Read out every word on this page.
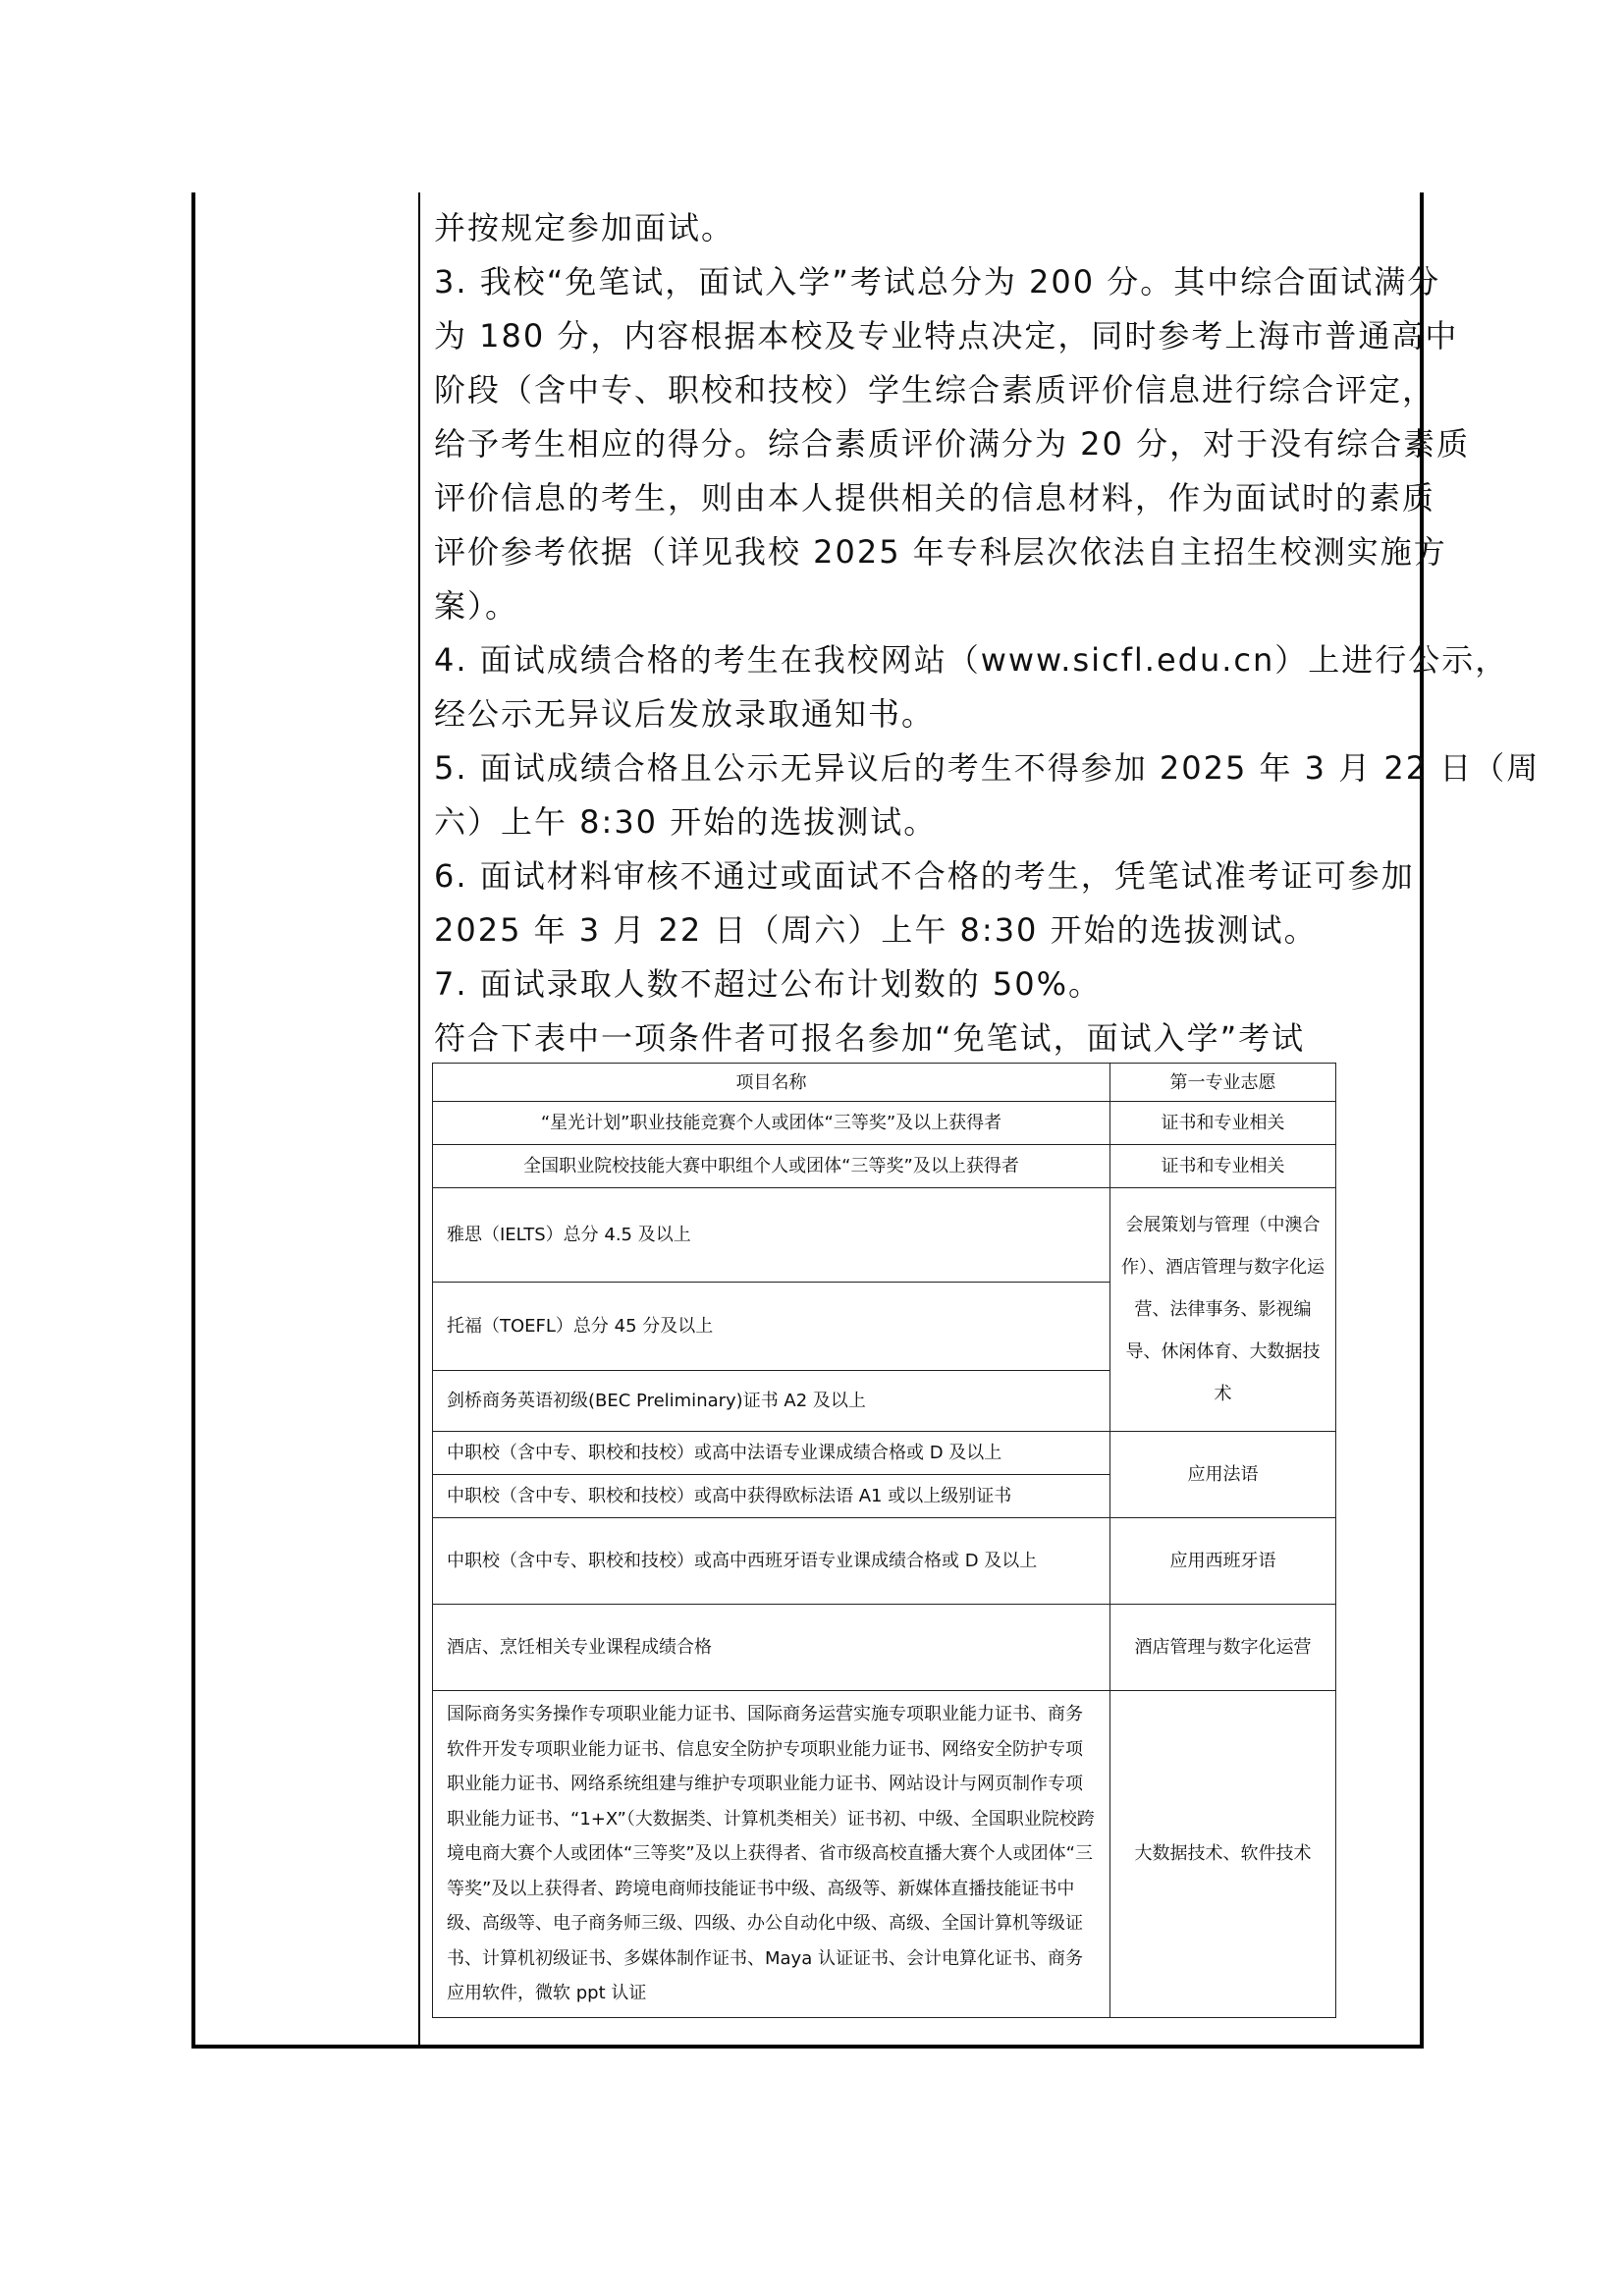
并按规定参加面试。

3. 我校“免笔试，面试入学”考试总分为 200 分。其中综合面试满分

为 180 分，内容根据本校及专业特点决定，同时参考上海市普通高中

阶段（含中专、职校和技校）学生综合素质评价信息进行综合评定，

给予考生相应的得分。综合素质评价满分为 20 分，对于没有综合素质

评价信息的考生，则由本人提供相关的信息材料，作为面试时的素质

评价参考依据（详见我校 2025 年专科层次依法自主招生校测实施方

案）。

4. 面试成绩合格的考生在我校网站（www.sicfl.edu.cn）上进行公示，

经公示无异议后发放录取通知书。

5. 面试成绩合格且公示无异议后的考生不得参加 2025 年 3 月 22 日（周

六）上午 8:30 开始的选拔测试。

6. 面试材料审核不通过或面试不合格的考生，凭笔试准考证可参加

2025 年 3 月 22 日（周六）上午 8:30 开始的选拔测试。

7. 面试录取人数不超过公布计划数的 50%。

符合下表中一项条件者可报名参加“免笔试，面试入学”考试
项目名称	第一专业志愿
“星光计划”职业技能竞赛个人或团体“三等奖”及以上获得者	证书和专业相关
全国职业院校技能大赛中职组个人或团体“三等奖”及以上获得者	证书和专业相关
雅思（IELTS）总分 4.5 及以上	会展策划与管理（中澳合作）、酒店管理与数字化运营、法律事务、影视编导、休闲体育、大数据技术
托福（TOEFL）总分 45 分及以上	
剑桥商务英语初级(BEC Preliminary)证书 A2 及以上	
中职校（含中专、职校和技校）或高中法语专业课成绩合格或 D 及以上	应用法语
中职校（含中专、职校和技校）或高中获得欧标法语 A1 或以上级别证书	
中职校（含中专、职校和技校）或高中西班牙语专业课成绩合格或 D 及以上	应用西班牙语
酒店、烹饪相关专业课程成绩合格	酒店管理与数字化运营
国际商务实务操作专项职业能力证书、国际商务运营实施专项职业能力证书、商务软件开发专项职业能力证书、信息安全防护专项职业能力证书、网络安全防护专项职业能力证书、网络系统组建与维护专项职业能力证书、网站设计与网页制作专项职业能力证书、“1+X”（大数据类、计算机类相关）证书初、中级、全国职业院校跨境电商大赛个人或团体“三等奖”及以上获得者、省市级高校直播大赛个人或团体“三等奖”及以上获得者、跨境电商师技能证书中级、高级等、新媒体直播技能证书中级、高级等、电子商务师三级、四级、办公自动化中级、高级、全国计算机等级证书、计算机初级证书、多媒体制作证书、Maya 认证证书、会计电算化证书、商务应用软件，微软 ppt 认证	大数据技术、软件技术
